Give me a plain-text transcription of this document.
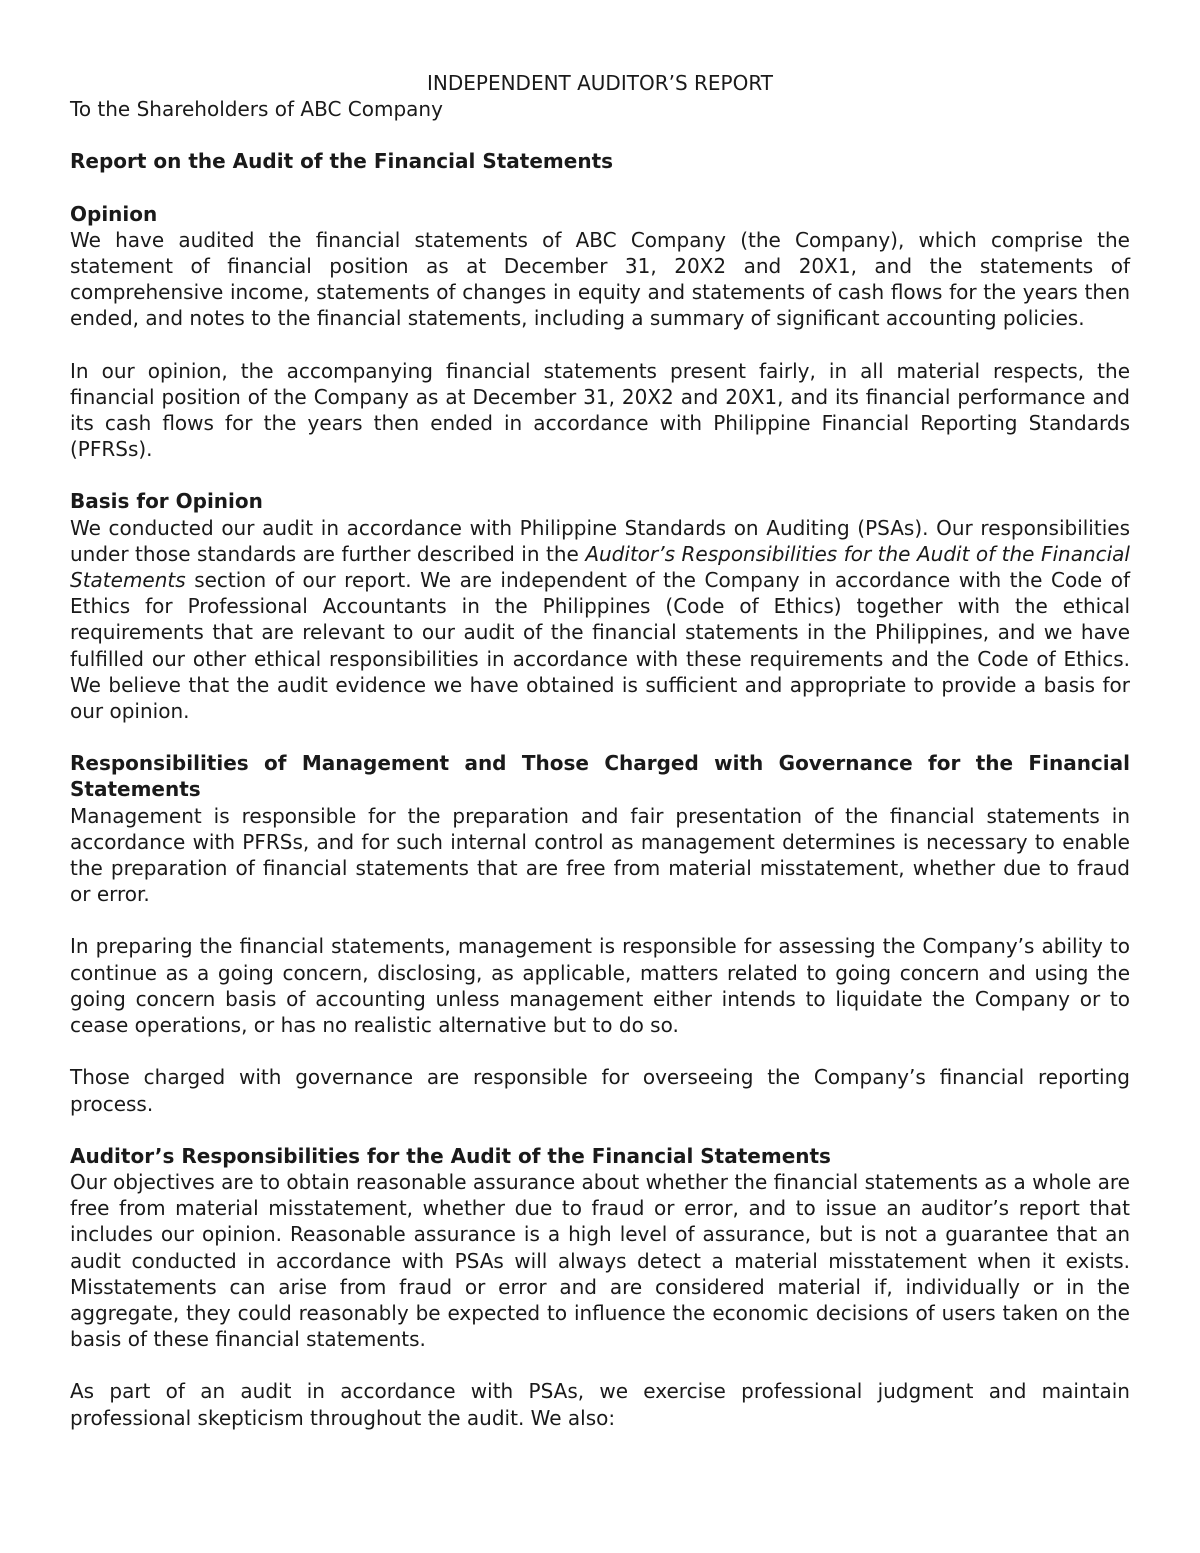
INDEPENDENT AUDITOR’S REPORT

To the Shareholders of ABC Company

Report on the Audit of the Financial Statements
Opinion

We have audited the financial statements of ABC Company (the Company), which comprise the statement of financial position as at December 31, 20X2 and 20X1, and the statements of comprehensive income, statements of changes in equity and statements of cash flows for the years then ended, and notes to the financial statements, including a summary of significant accounting policies.

In our opinion, the accompanying financial statements present fairly, in all material respects, the financial position of the Company as at December 31, 20X2 and 20X1, and its financial performance and its cash flows for the years then ended in accordance with Philippine Financial Reporting Standards (PFRSs).

Basis for Opinion

We conducted our audit in accordance with Philippine Standards on Auditing (PSAs). Our responsibilities under those standards are further described in the Auditor’s Responsibilities for the Audit of the Financial Statements section of our report. We are independent of the Company in accordance with the Code of Ethics for Professional Accountants in the Philippines (Code of Ethics) together with the ethical requirements that are relevant to our audit of the financial statements in the Philippines, and we have fulfilled our other ethical responsibilities in accordance with these requirements and the Code of Ethics. We believe that the audit evidence we have obtained is sufficient and appropriate to provide a basis for our opinion.

Responsibilities of Management and Those Charged with Governance for the Financial Statements

Management is responsible for the preparation and fair presentation of the financial statements in accordance with PFRSs, and for such internal control as management determines is necessary to enable the preparation of financial statements that are free from material misstatement, whether due to fraud or error.

In preparing the financial statements, management is responsible for assessing the Company’s ability to continue as a going concern, disclosing, as applicable, matters related to going concern and using the going concern basis of accounting unless management either intends to liquidate the Company or to cease operations, or has no realistic alternative but to do so.

Those charged with governance are responsible for overseeing the Company’s financial reporting process.

Auditor’s Responsibilities for the Audit of the Financial Statements

Our objectives are to obtain reasonable assurance about whether the financial statements as a whole are free from material misstatement, whether due to fraud or error, and to issue an auditor’s report that includes our opinion. Reasonable assurance is a high level of assurance, but is not a guarantee that an audit conducted in accordance with PSAs will always detect a material misstatement when it exists. Misstatements can arise from fraud or error and are considered material if, individually or in the aggregate, they could reasonably be expected to influence the economic decisions of users taken on the basis of these financial statements.

As part of an audit in accordance with PSAs, we exercise professional judgment and maintain professional skepticism throughout the audit. We also:
